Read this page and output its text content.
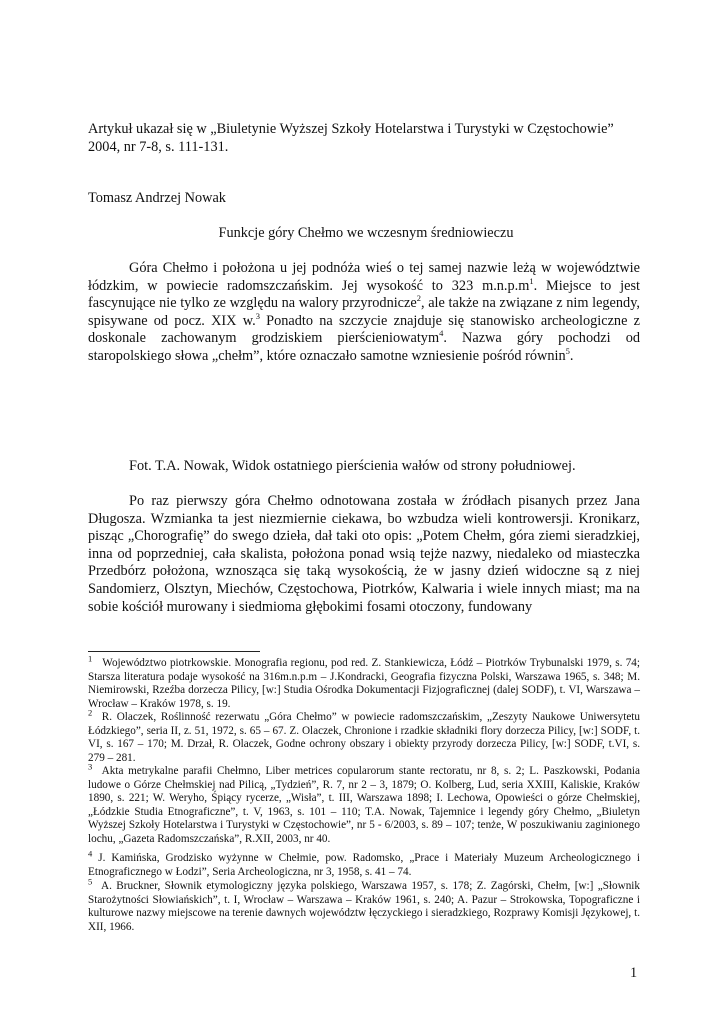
Artykuł ukazał się w „Biuletynie Wyższej Szkoły Hotelarstwa i Turystyki w Częstochowie”
2004, nr 7-8, s. 111-131.
Tomasz Andrzej Nowak
Funkcje góry Chełmo we wczesnym średniowieczu
Góra Chełmo i położona u jej podnóża wieś o tej samej nazwie leżą w województwie łódzkim, w powiecie radomszczańskim. Jej wysokość to 323 $m.n.p.m^1$. Miejsce to jest fascynujące nie tylko ze względu na walory przyrodnicze$^2$, ale także na związane z nim legendy, spisywane od pocz. XIX w.$^3$ Ponadto na szczycie znajduje się stanowisko archeologiczne z doskonale zachowanym grodziskiem pierścieniowatym$^4$. Nazwa góry pochodzi od staropolskiego słowa „chełm”, które oznaczało samotne wzniesienie pośród równin$^5$.
Fot. T.A. Nowak, Widok ostatniego pierścienia wałów od strony południowej.
Po raz pierwszy góra Chełmo odnotowana została w źródłach pisanych przez Jana Długosza. Wzmianka ta jest niezmiernie ciekawa, bo wzbudza wieli kontrowersji. Kronikarz, pisząc „Chorografię” do swego dzieła, dał taki oto opis: „Potem Chełm, góra ziemi sieradzkiej, inna od poprzedniej, cała skalista, położona ponad wsią tejże nazwy, niedaleko od miasteczka Przedbórz położona, wznosząca się taką wysokością, że w jasny dzień widoczne są z niej Sandomierz, Olsztyn, Miechów, Częstochowa, Piotrków, Kalwaria i wiele innych miast; ma na sobie kościół murowany i siedmioma głębokimi fosami otoczony, fundowany
$^1$ Województwo piotrkowskie. Monografia regionu, pod red. Z. Stankiewicza, Łódź – Piotrków Trybunalski 1979, s. 74; Starsza literatura podaje wysokość na 316m.n.p.m – J.Kondracki, Geografia fizyczna Polski, Warszawa 1965, s. 348; M. Niemirowski, Rzeźba dorzecza Pilicy, [w:] Studia Ośrodka Dokumentacji Fizjograficznej (dalej SODF), t. VI, Warszawa – Wrocław – Kraków 1978, s. 19.
$^2$ R. Olaczek, Roślinność rezerwatu „Góra Chełmo” w powiecie radomszczańskim, „Zeszyty Naukowe Uniwersytetu Łódzkiego”, seria II, z. 51, 1972, s. 65 – 67. Z. Olaczek, Chronione i rzadkie składniki flory dorzecza Pilicy, [w:] SODF, t. VI, s. 167 – 170; M. Drzał, R. Olaczek, Godne ochrony obszary i obiekty przyrody dorzecza Pilicy, [w:] SODF, t.VI, s. 279 – 281.
$^3$ Akta metrykalne parafii Chełmno, Liber metrices copularorum stante rectoratu, nr 8, s. 2; L. Paszkowski, Podania ludowe o Górze Chełmskiej nad Pilicą, „Tydzień”, R. 7, nr 2 – 3, 1879; O. Kolberg, Lud, seria XXIII, Kaliskie, Kraków 1890, s. 221; W. Weryho, Śpiący rycerze, „Wisła”, t. III, Warszawa 1898; I. Lechowa, Opowieści o górze Chełmskiej, „Łódzkie Studia Etnograficzne”, t. V, 1963, s. 101 – 110; T.A. Nowak, Tajemnice i legendy góry Chełmo, „Biuletyn Wyższej Szkoły Hotelarstwa i Turystyki w Częstochowie”, nr 5 - 6/2003, s. 89 – 107; tenże, W poszukiwaniu zaginionego lochu, „Gazeta Radomszczańska”, R.XII, 2003, nr 40.
$^4$ J. Kamińska, Grodzisko wyżynne w Chełmie, pow. Radomsko, „Prace i Materiały Muzeum Archeologicznego i Etnograficznego w Łodzi”, Seria Archeologiczna, nr 3, 1958, s. 41 – 74.
$^5$ A. Bruckner, Słownik etymologiczny języka polskiego, Warszawa 1957, s. 178; Z. Zagórski, Chełm, [w:] „Słownik Starożytności Słowiańskich”, t. I, Wrocław – Warszawa – Kraków 1961, s. 240; A. Pazur – Strokowska, Topograficzne i kulturowe nazwy miejscowe na terenie dawnych województw łęczyckiego i sieradzkiego, Rozprawy Komisji Językowej, t. XII, 1966.
1
